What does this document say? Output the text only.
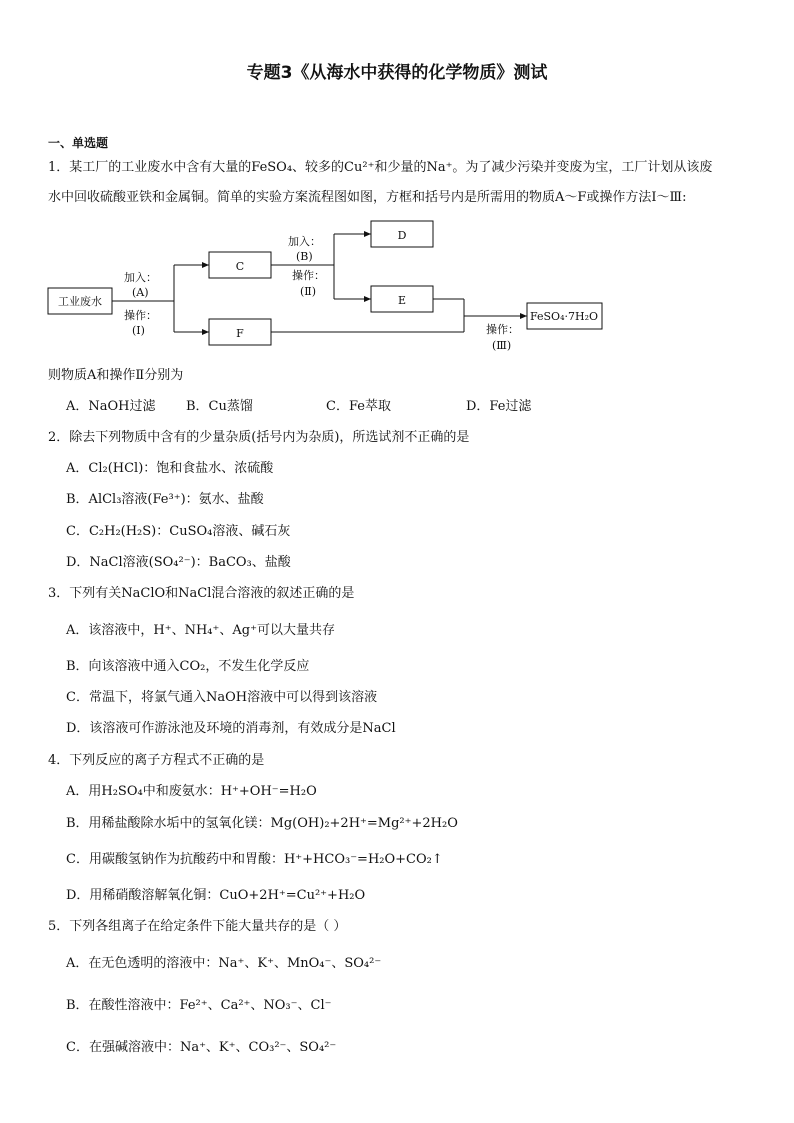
专题3《从海水中获得的化学物质》测试
一、单选题
1．某工厂的工业废水中含有大量的FeSO₄、较多的Cu²⁺和少量的Na⁺。为了减少污染并变废为宝，工厂计划从该废
水中回收硫酸亚铁和金属铜。简单的实验方案流程图如图，方框和括号内是所需用的物质A～F或操作方法Ⅰ～Ⅲ:
工业废水
C
F
D
E
FeSO₄·7H₂O
加入：
(A)
操作：
(Ⅰ)
加入：
(B)
操作：
(Ⅱ)
操作：
(Ⅲ)
则物质A和操作Ⅱ分别为
A．NaOH过滤 B．Cu蒸馏	C．Fe萃取	D．Fe过滤
2．除去下列物质中含有的少量杂质(括号内为杂质)，所选试剂不正确的是
A．Cl₂(HCl)：饱和食盐水、浓硫酸
B．AlCl₃溶液(Fe³⁺)：氨水、盐酸
C．C₂H₂(H₂S)：CuSO₄溶液、碱石灰
D．NaCl溶液(SO₄²⁻)：BaCO₃、盐酸
3．下列有关NaClO和NaCl混合溶液的叙述正确的是
A．该溶液中，H⁺、NH₄⁺、Ag⁺可以大量共存
B．向该溶液中通入CO₂，不发生化学反应
C．常温下，将氯气通入NaOH溶液中可以得到该溶液
D．该溶液可作游泳池及环境的消毒剂，有效成分是NaCl
4．下列反应的离子方程式不正确的是
A．用H₂SO₄中和废氨水：H⁺+OH⁻=H₂O
B．用稀盐酸除水垢中的氢氧化镁：Mg(OH)₂+2H⁺=Mg²⁺+2H₂O
C．用碳酸氢钠作为抗酸药中和胃酸：H⁺+HCO₃⁻=H₂O+CO₂↑
D．用稀硝酸溶解氧化铜：CuO+2H⁺=Cu²⁺+H₂O
5．下列各组离子在给定条件下能大量共存的是（ ）
A．在无色透明的溶液中：Na⁺、K⁺、MnO₄⁻、SO₄²⁻
B．在酸性溶液中：Fe²⁺、Ca²⁺、NO₃⁻、Cl⁻
C．在强碱溶液中：Na⁺、K⁺、CO₃²⁻、SO₄²⁻
